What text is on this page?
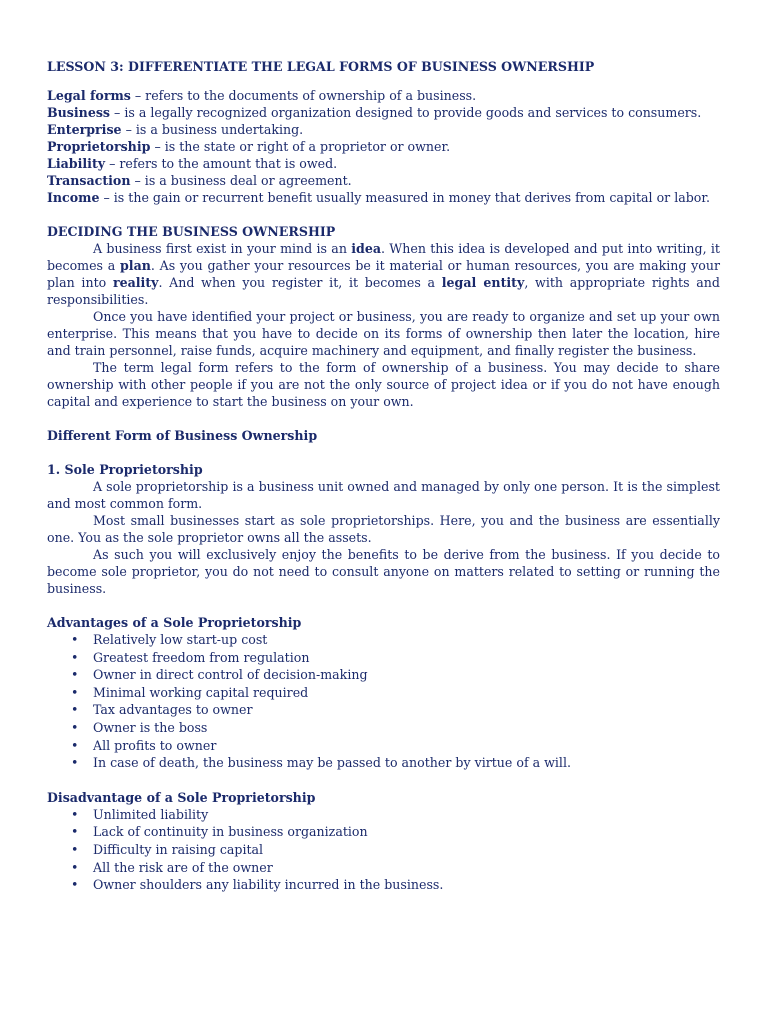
LESSON 3: DIFFERENTIATE THE LEGAL FORMS OF BUSINESS OWNERSHIP

Legal forms – refers to the documents of ownership of a business.

Business – is a legally recognized organization designed to provide goods and services to consumers.

Enterprise – is a business undertaking.

Proprietorship – is the state or right of a proprietor or owner.

Liability – refers to the amount that is owed.

Transaction – is a business deal or agreement.

Income – is the gain or recurrent benefit usually measured in money that derives from capital or labor.

DECIDING THE BUSINESS OWNERSHIP

A business first exist in your mind is an idea. When this idea is developed and put into writing, it becomes a plan. As you gather your resources be it material or human resources, you are making your plan into reality. And when you register it, it becomes a legal entity, with appropriate rights and responsibilities.

Once you have identified your project or business, you are ready to organize and set up your own enterprise. This means that you have to decide on its forms of ownership then later the location, hire and train personnel, raise funds, acquire machinery and equipment, and finally register the business.

The term legal form refers to the form of ownership of a business. You may decide to share ownership with other people if you are not the only source of project idea or if you do not have enough capital and experience to start the business on your own.

Different Form of Business Ownership

1. Sole Proprietorship

A sole proprietorship is a business unit owned and managed by only one person. It is the simplest and most common form.

Most small businesses start as sole proprietorships. Here, you and the business are essentially one. You as the sole proprietor owns all the assets.

As such you will exclusively enjoy the benefits to be derive from the business. If you decide to become sole proprietor, you do not need to consult anyone on matters related to setting or running the business.

Advantages of a Sole Proprietorship

• Relatively low start-up cost
• Greatest freedom from regulation
• Owner in direct control of decision-making
• Minimal working capital required
• Tax advantages to owner
• Owner is the boss
• All profits to owner
• In case of death, the business may be passed to another by virtue of a will.

Disadvantage of a Sole Proprietorship

• Unlimited liability
• Lack of continuity in business organization
• Difficulty in raising capital
• All the risk are of the owner
• Owner shoulders any liability incurred in the business.
